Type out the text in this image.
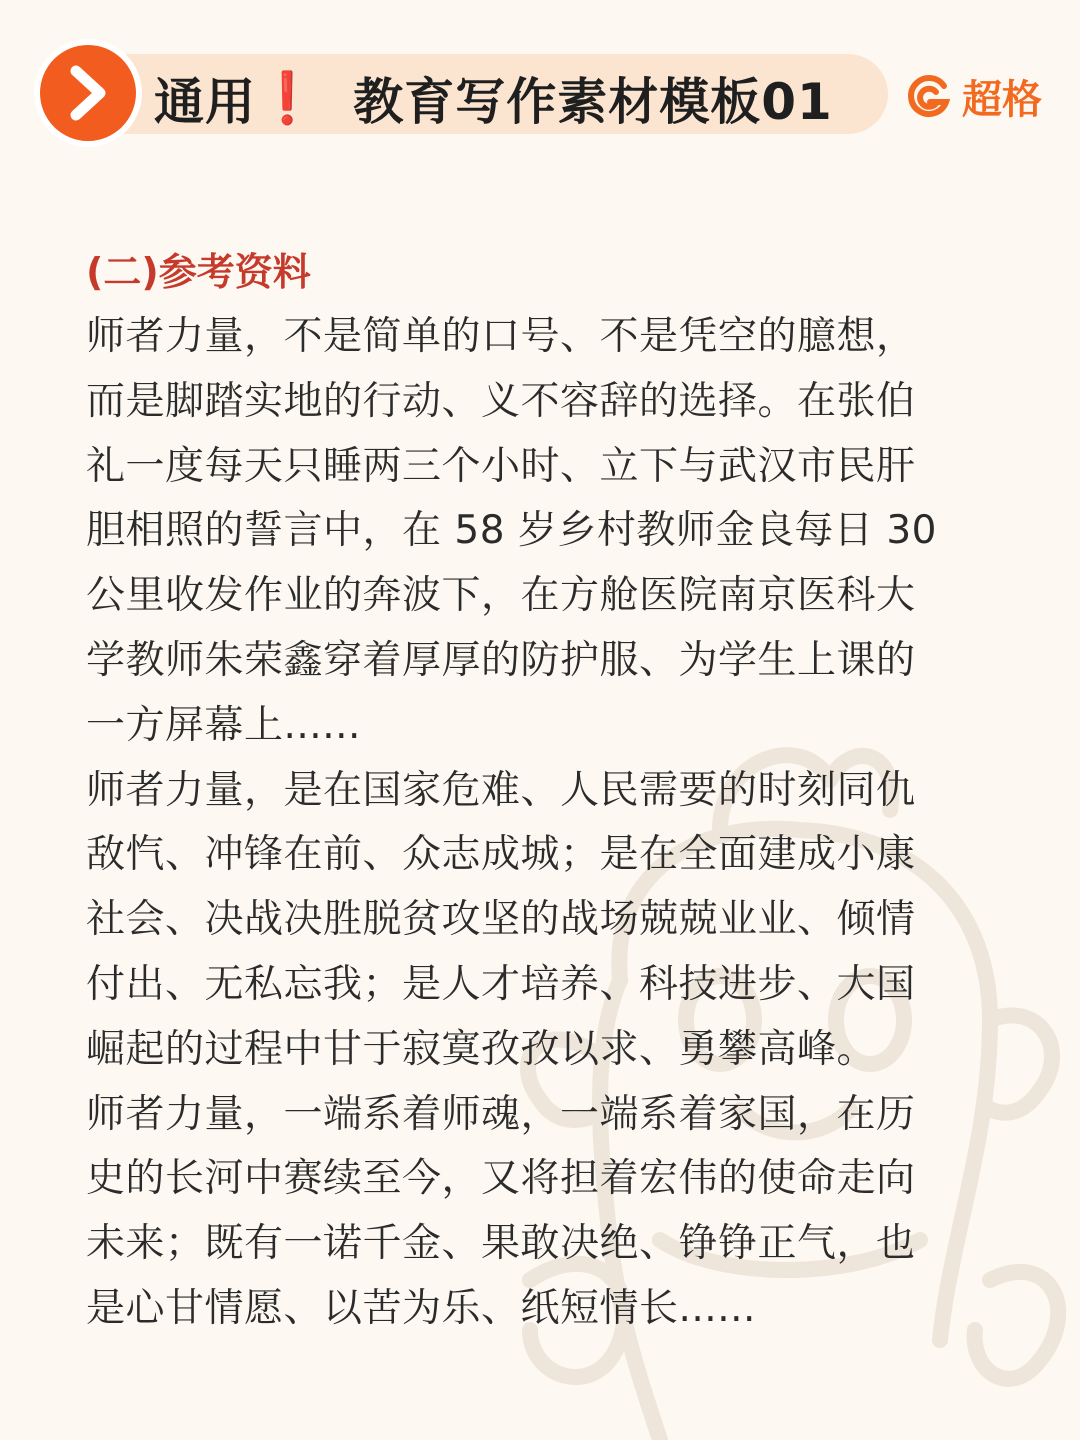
通用 ❗ 教育写作素材模板01	超格
(二)参考资料

师者力量，不是简单的口号、不是凭空的臆想，
而是脚踏实地的行动、义不容辞的选择。在张伯
礼一度每天只睡两三个小时、立下与武汉市民肝
胆相照的誓言中，在 58 岁乡村教师金良每日 30
公里收发作业的奔波下，在方舱医院南京医科大
学教师朱荣鑫穿着厚厚的防护服、为学生上课的
一方屏幕上......

师者力量，是在国家危难、人民需要的时刻同仇
敌忾、冲锋在前、众志成城；是在全面建成小康
社会、决战决胜脱贫攻坚的战场兢兢业业、倾情
付出、无私忘我；是人才培养、科技进步、大国
崛起的过程中甘于寂寞孜孜以求、勇攀高峰。

师者力量，一端系着师魂，一端系着家国，在历
史的长河中赛续至今，又将担着宏伟的使命走向
未来；既有一诺千金、果敢决绝、铮铮正气，也
是心甘情愿、以苦为乐、纸短情长......
